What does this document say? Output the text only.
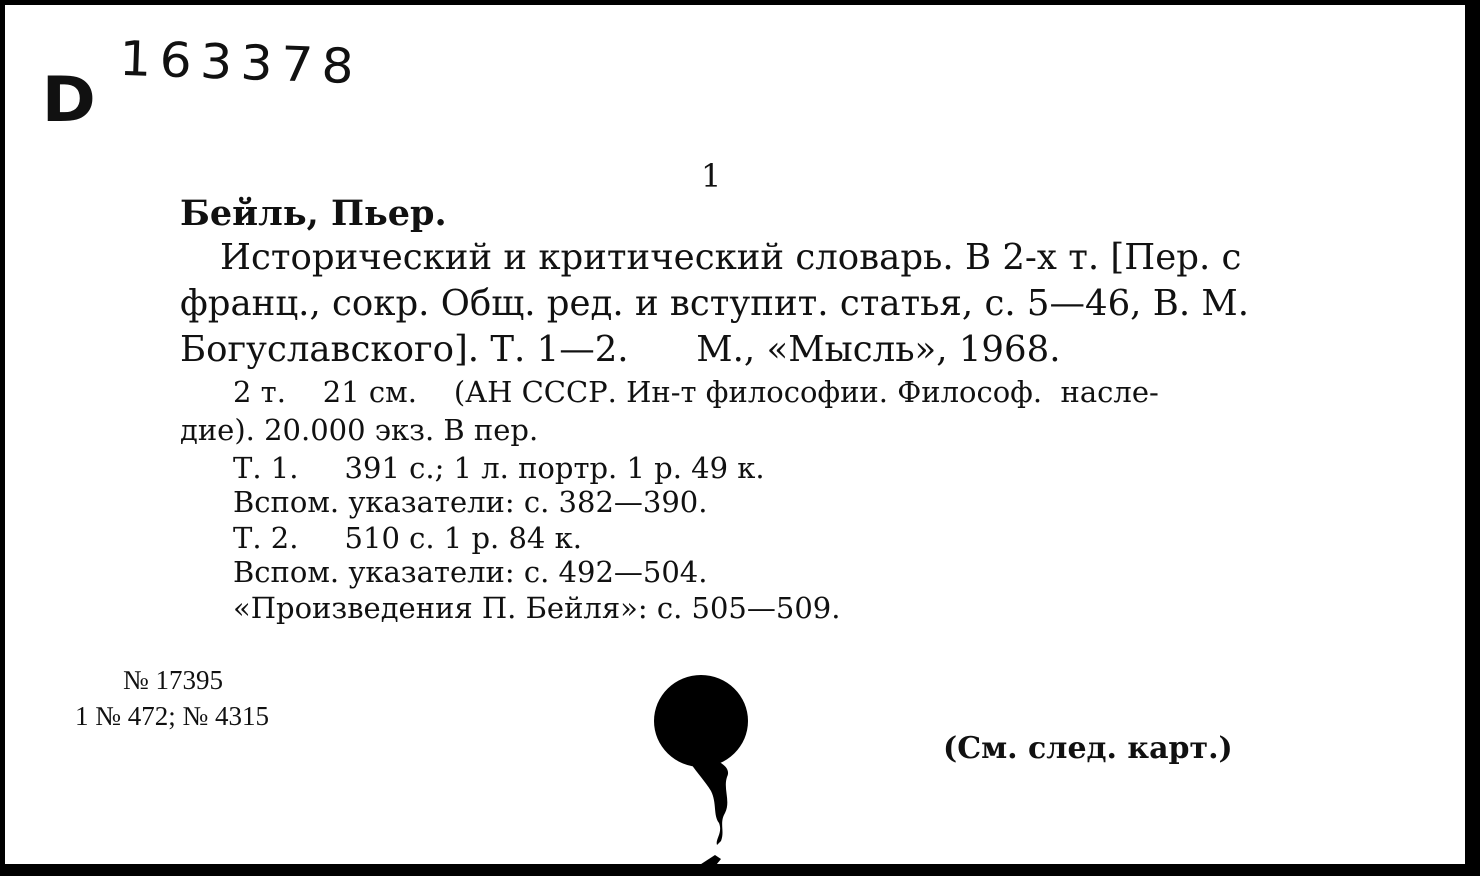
D 163378
1
Бейль, Пьер.
Исторический и критический словарь. В 2-х т. [Пер. с
франц., сокр. Общ. ред. и вступит. статья, с. 5—46, В. М.
Богуславского]. Т. 1—2.      М., «Мысль», 1968.
2 т.    21 см.    (АН СССР. Ин-т философии. Философ.  насле-
дие). 20.000 экз. В пер.
Т. 1.     391 с.; 1 л. портр. 1 р. 49 к.
Вспом. указатели: с. 382—390.
Т. 2.     510 с. 1 р. 84 к.
Вспом. указатели: с. 492—504.
«Произведения П. Бейля»: с. 505—509.
№ 17395
1 № 472; № 4315
(См. след. карт.)
